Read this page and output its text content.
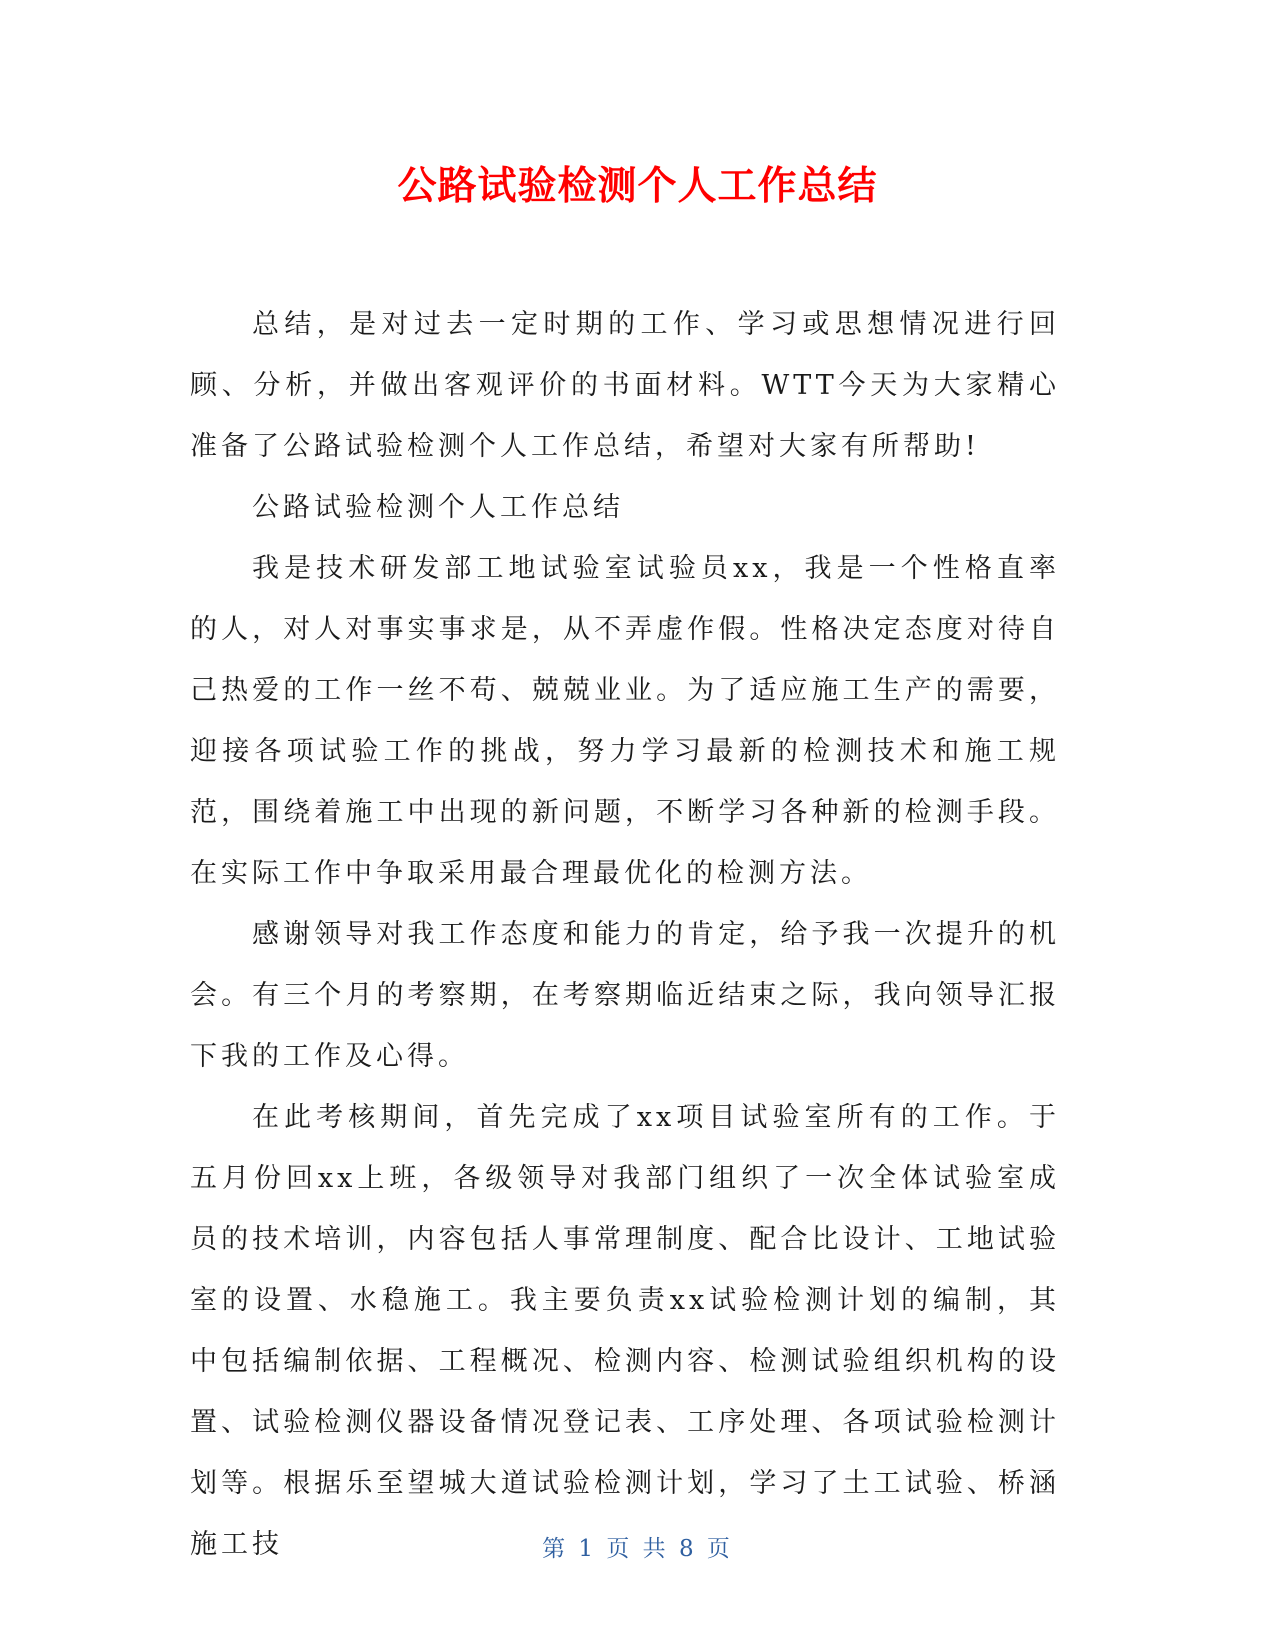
公路试验检测个人工作总结

总结，是对过去一定时期的工作、学习或思想情况进行回顾、分析，并做出客观评价的书面材料。WTT今天为大家精心准备了公路试验检测个人工作总结，希望对大家有所帮助!

公路试验检测个人工作总结

我是技术研发部工地试验室试验员xx，我是一个性格直率的人，对人对事实事求是，从不弄虚作假。性格决定态度对待自己热爱的工作一丝不苟、兢兢业业。为了适应施工生产的需要，迎接各项试验工作的挑战，努力学习最新的检测技术和施工规范，围绕着施工中出现的新问题，不断学习各种新的检测手段。在实际工作中争取采用最合理最优化的检测方法。

感谢领导对我工作态度和能力的肯定，给予我一次提升的机会。有三个月的考察期，在考察期临近结束之际，我向领导汇报下我的工作及心得。

在此考核期间，首先完成了xx项目试验室所有的工作。于五月份回xx上班，各级领导对我部门组织了一次全体试验室成员的技术培训，内容包括人事常理制度、配合比设计、工地试验室的设置、水稳施工。我主要负责xx试验检测计划的编制，其中包括编制依据、工程概况、检测内容、检测试验组织机构的设置、试验检测仪器设备情况登记表、工序处理、各项试验检测计划等。根据乐至望城大道试验检测计划，学习了土工试验、桥涵施工技	第 1 页 共 8 页
